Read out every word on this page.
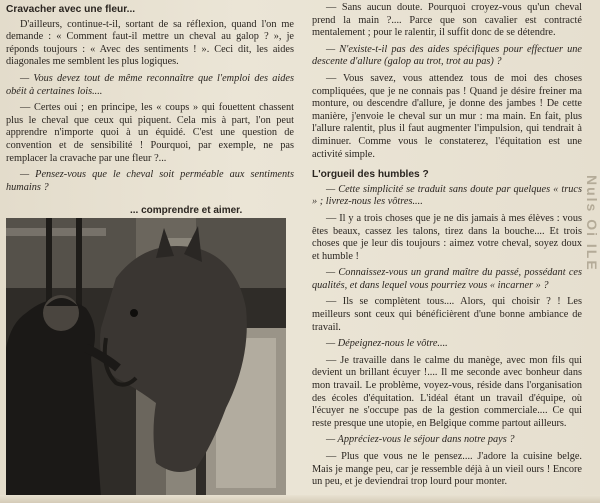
Cravacher avec une fleur...

D'ailleurs, continue-t-il, sortant de sa réflexion, quand l'on me demande : « Comment faut-il mettre un cheval au galop ? », je réponds toujours : « Avec des sentiments ! ». Ceci dit, les aides diagonales me semblent les plus logiques.

— Vous devez tout de même reconnaître que l'emploi des aides obéit à certaines lois....

— Certes oui ; en principe, les « coups » qui fouettent chassent plus le cheval que ceux qui piquent. Cela mis à part, l'on peut apprendre n'importe quoi à un équidé. C'est une question de convention et de sensibilité ! Pourquoi, par exemple, ne pas remplacer la cravache par une fleur ?...

— Pensez-vous que le cheval soit perméable aux sentiments humains ?

... comprendre et aimer.

— Sans aucun doute. Pourquoi croyez-vous qu'un cheval prend la main ?.... Parce que son cavalier est contracté mentalement ; pour le ralentir, il suffit donc de se détendre.

— N'existe-t-il pas des aides spécifiques pour effectuer une descente d'allure (galop au trot, trot au pas) ?

— Vous savez, vous attendez tous de moi des choses compliquées, que je ne connais pas ! Quand je désire freiner ma monture, ou descendre d'allure, je donne des jambes ! De cette manière, j'envoie le cheval sur un mur : ma main. En fait, plus l'allure ralentit, plus il faut augmenter l'impulsion, qui tendrait à diminuer. Comme vous le constaterez, l'équitation est une activité simple.

L'orgueil des humbles ?

— Cette simplicité se traduit sans doute par quelques « trucs » ; livrez-nous les vôtres....

— Il y a trois choses que je ne dis jamais à mes élèves : vous êtes beaux, cassez les talons, tirez dans la bouche.... Et trois choses que je leur dis toujours : aimez votre cheval, soyez doux et humble !

— Connaissez-vous un grand maître du passé, possédant ces qualités, et dans lequel vous pourriez vous « incarner » ?

— Ils se complètent tous.... Alors, qui choisir ? ! Les meilleurs sont ceux qui bénéficièrent d'une bonne ambiance de travail.

— Dépeignez-nous le vôtre....

— Je travaille dans le calme du manège, avec mon fils qui devient un brillant écuyer !.... Il me seconde avec bonheur dans mon travail. Le problème, voyez-vous, réside dans l'organisation des écoles d'équitation. L'idéal étant un travail d'équipe, où l'écuyer ne s'occupe pas de la gestion commerciale.... Ce qui reste presque une utopie, en Belgique comme partout ailleurs.

— Appréciez-vous le séjour dans notre pays ?

— Plus que vous ne le pensez.... J'adore la cuisine belge. Mais je mange peu, car je ressemble déjà à un vieil ours ! Encore un peu, et je deviendrai trop lourd pour monter.

Nuls Oi ILE
